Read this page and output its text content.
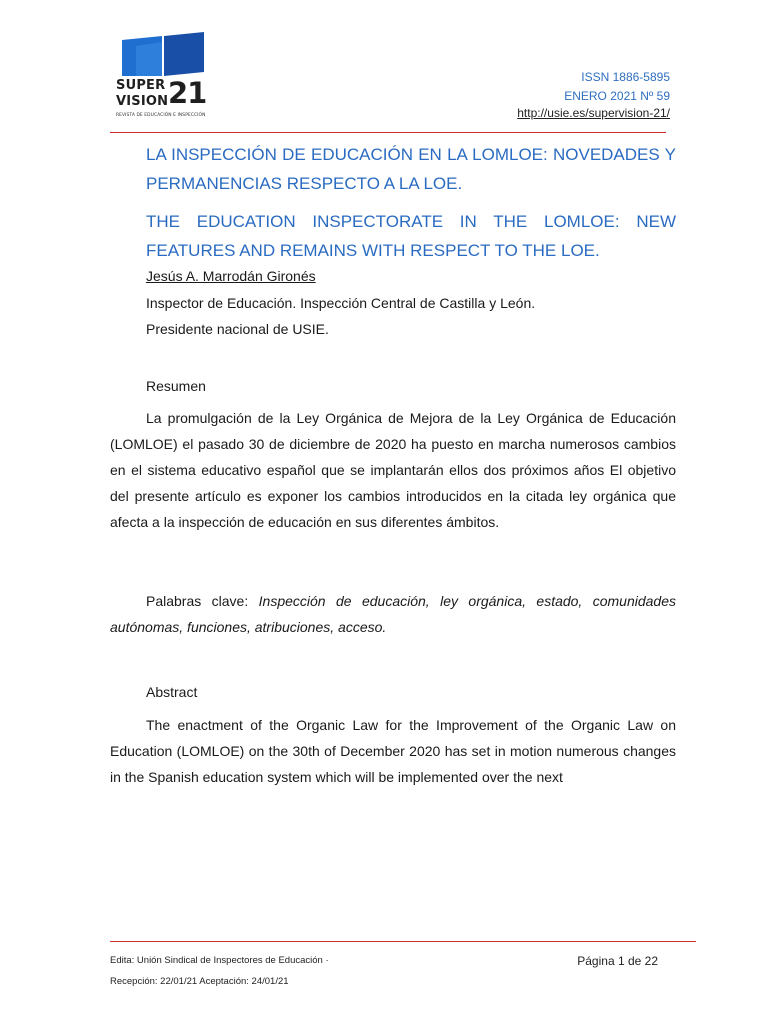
SUPER
VISION 21
REVISTA DE EDUCACIÓN E INSPECCIÓN
ISSN 1886-5895
ENERO 2021 Nº 59
http://usie.es/supervision-21/
LA INSPECCIÓN DE EDUCACIÓN EN LA LOMLOE: NOVEDADES Y PERMANENCIAS RESPECTO A LA LOE.
THE EDUCATION INSPECTORATE IN THE LOMLOE: NEW FEATURES AND REMAINS WITH RESPECT TO THE LOE.
Jesús A. Marrodán Gironés
Inspector de Educación. Inspección Central de Castilla y León.
Presidente nacional de USIE.
Resumen
La promulgación de la Ley Orgánica de Mejora de la Ley Orgánica de Educación (LOMLOE) el pasado 30 de diciembre de 2020 ha puesto en marcha numerosos cambios en el sistema educativo español que se implantarán ellos dos próximos años El objetivo del presente artículo es exponer los cambios introducidos en la citada ley orgánica que afecta a la inspección de educación en sus diferentes ámbitos.
Palabras clave: Inspección de educación, ley orgánica, estado, comunidades autónomas, funciones, atribuciones, acceso.
Abstract
The enactment of the Organic Law for the Improvement of the Organic Law on Education (LOMLOE) on the 30th of December 2020 has set in motion numerous changes in the Spanish education system which will be implemented over the next
Edita: Unión Sindical de Inspectores de Educación ·
Recepción: 22/01/21 Aceptación: 24/01/21
Página 1 de 22
